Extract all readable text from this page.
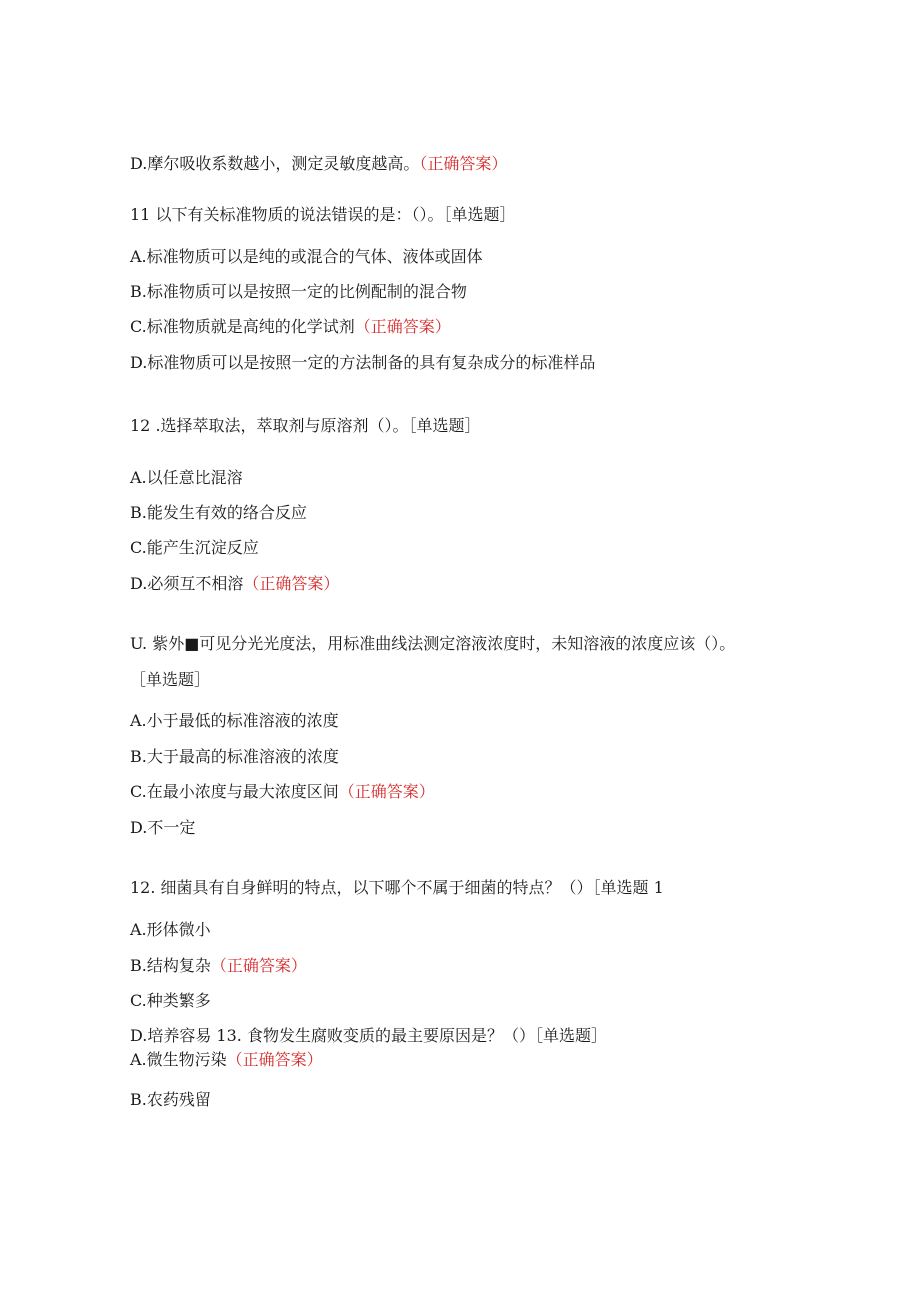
D.摩尔吸收系数越小，测定灵敏度越高。（正确答案）
11 以下有关标准物质的说法错误的是：（）。［单选题］
A.标准物质可以是纯的或混合的气体、液体或固体
B.标准物质可以是按照一定的比例配制的混合物
C.标准物质就是高纯的化学试剂（正确答案）
D.标准物质可以是按照一定的方法制备的具有复杂成分的标准样品
12 .选择萃取法，萃取剂与原溶剂（）。［单选题］
A.以任意比混溶
B.能发生有效的络合反应
C.能产生沉淀反应
D.必须互不相溶（正确答案）
U. 紫外■可见分光光度法，用标准曲线法测定溶液浓度时，未知溶液的浓度应该（）。
［单选题］
A.小于最低的标准溶液的浓度
B.大于最高的标准溶液的浓度
C.在最小浓度与最大浓度区间（正确答案）
D.不一定
12. 细菌具有自身鲜明的特点，以下哪个不属于细菌的特点？（）［单选题 1
A.形体微小
B.结构复杂（正确答案）
C.种类繁多
D.培养容易 13. 食物发生腐败变质的最主要原因是？（）［单选题］
A.微生物污染（正确答案）
B.农药残留
